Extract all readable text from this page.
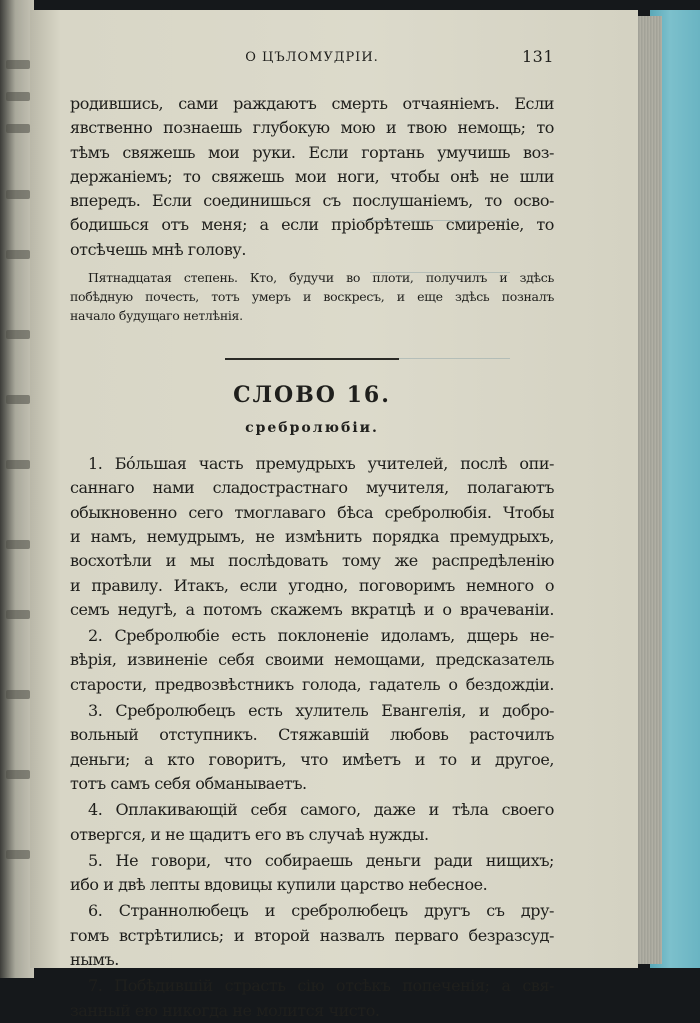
О ЦЪЛОМУДРІИ.	131
родившись, сами раждаютъ смерть отчаяніемъ. Если
явственно познаешь глубокую мою и твою немощь; то
тѣмъ свяжешь мои руки. Если гортань умучишь воз-
держаніемъ; то свяжешь мои ноги, чтобы онѣ не шли
впередъ. Если соединишься съ послушаніемъ, то осво-
бодишься отъ меня; а если пріобрѣтешь смиреніе, то
отсѣчешь мнѣ голову.
Пятнадцатая степень. Кто, будучи во плоти, получилъ и здѣсь
побѣдную почесть, тотъ умеръ и воскресъ, и еще здѣсь позналъ
начало будущаго нетлѣнія.
СЛОВО 16.
сребролюбіи.
1. Бо́льшая часть премудрыхъ учителей, послѣ опи-
саннаго нами сладострастнаго мучителя, полагаютъ
обыкновенно сего тмоглаваго бѣса сребролюбія. Чтобы
и намъ, немудрымъ, не измѣнить порядка премудрыхъ,
восхотѣли и мы послѣдовать тому же распредѣленію
и правилу. Итакъ, если угодно, поговоримъ немного о
семъ недугѣ, а потомъ скажемъ вкратцѣ и о врачеваніи.
2. Сребролюбіе есть поклоненіе идоламъ, дщерь не-
вѣрія, извиненіе себя своими немощами, предсказатель
старости, предвозвѣстникъ голода, гадатель о бездождіи.
3. Сребролюбецъ есть хулитель Евангелія, и добро-
вольный отступникъ. Стяжавшій любовь расточилъ
деньги; а кто говоритъ, что имѣетъ и то и другое,
тотъ самъ себя обманываетъ.
4. Оплакивающій себя самого, даже и тѣла своего
отвергся, и не щадитъ его въ случаѣ нужды.
5. Не говори, что собираешь деньги ради нищихъ;
ибо и двѣ лепты вдовицы купили царство небесное.
6. Страннолюбецъ и сребролюбецъ другъ съ дру-
гомъ встрѣтились; и второй назвалъ перваго безразсуд-
нымъ.
7. Побѣдившій страсть сію отсѣкъ попеченія; а свя-
занный ею никогда не молится чисто.
